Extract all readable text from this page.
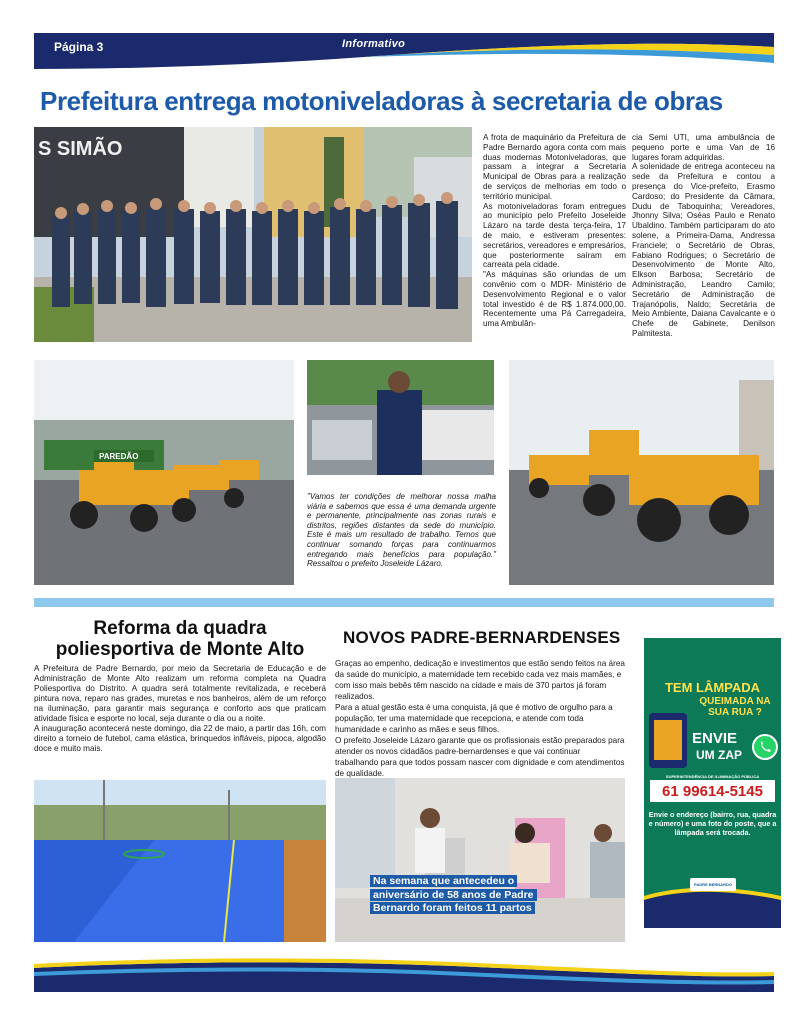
Página 3	Informativo
Prefeitura entrega motoniveladoras à secretaria de obras
S SIMÃO

A frota de maquinário da Prefeitura de Padre Bernardo agora conta com mais duas modernas Motoniveladoras, que passam a integrar a Secretaria Municipal de Obras para a realização de serviços de melhorias em todo o território municipal.

As motoniveladoras foram entregues ao município pelo Prefeito Joseleide Lázaro na tarde desta terça-feira, 17 de maio, e estiveram presentes: secretários, vereadores e empresários, que posteriormente saíram em carreata pela cidade.

"As máquinas são oriundas de um convênio com o MDR- Ministério de Desenvolvimento Regional e o valor total investido é de R$ 1.874.000,00. Recentemente uma Pá Carregadeira, uma Ambulân-

cia Semi UTI, uma ambulância de pequeno porte e uma Van de 16 lugares foram adquiridas.

A solenidade de entrega aconteceu na sede da Prefeitura e contou a presença do Vice-prefeito, Erasmo Cardoso; do Presidente da Câmara, Dudu de Taboquinha; Vereadores, Jhonny Silva; Oséas Paulo e Renato Ubaldino. Também participaram do ato solene, a Primeira-Dama, Andressa Franciele; o Secretário de Obras, Fabiano Rodrigues; o Secretário de Desenvolvimento de Monte Alto, Elkson Barbosa; Secretário de Administração, Leandro Camilo; Secretário de Administração de Trajanópolis, Naldo; Secretária de Meio Ambiente, Daiana Cavalcante e o Chefe de Gabinete, Denilson Palmitesta.

PAREDÃO
"Vamos ter condições de melhorar nossa malha viária e sabemos que essa é uma demanda urgente e permanente, principalmente nas zonas rurais e distritos, regiões distantes da sede do município. Este é mais um resultado de trabalho. Temos que continuar somando forças para continuarmos entregando mais benefícios para população." Ressaltou o prefeito Joseleide Lázaro.
Reforma da quadra poliesportiva de Monte Alto

A Prefeitura de Padre Bernardo, por meio da Secretaria de Educação e de Administração de Monte Alto realizam um reforma completa na Quadra Poliesportiva do Distrito. A quadra será totalmente revitalizada, e receberá pintura nova, reparo nas grades, muretas e nos banheiros, além de um reforço na iluminação, para garantir mais segurança e conforto aos que praticam atividade física e esporte no local, seja durante o dia ou a noite.

A inauguração acontecerá neste domingo, dia 22 de maio, a partir das 16h, com direito a torneio de futebol, cama elástica, brinquedos infláveis, pipoca, algodão doce e muito mais.

NOVOS PADRE-BERNARDENSES

Graças ao empenho, dedicação e investimentos que estão sendo feitos na área da saúde do município, a maternidade tem recebido cada vez mais mamães, e com isso mais bebês têm nascido na cidade e mais de 370 partos já foram realizados.

Para a atual gestão esta é uma conquista, já que é motivo de orgulho para a população, ter uma maternidade que recepciona, e atende com toda humanidade e carinho as mães e seus filhos.

O prefeito Joseleide Lázaro garante que os profissionais estão preparados para atender os novos cidadãos padre-bernardenses e que vai continuar trabalhando para que todos possam nascer com dignidade e com atendimentos de qualidade.

Na semana que antecedeu o aniversário de 58 anos de Padre Bernardo foram feitos 11 partos
TEM LÂMPADA
QUEIMADA NA SUA RUA ?
ENVIE
UM ZAP
SUPERINTENDÊNCIA DE ILUMINAÇÃO PÚBLICA
61 99614-5145
Envie o endereço (bairro, rua, quadra e número) e uma foto do poste, que a lâmpada será trocada.
PADRE BERNARDO
